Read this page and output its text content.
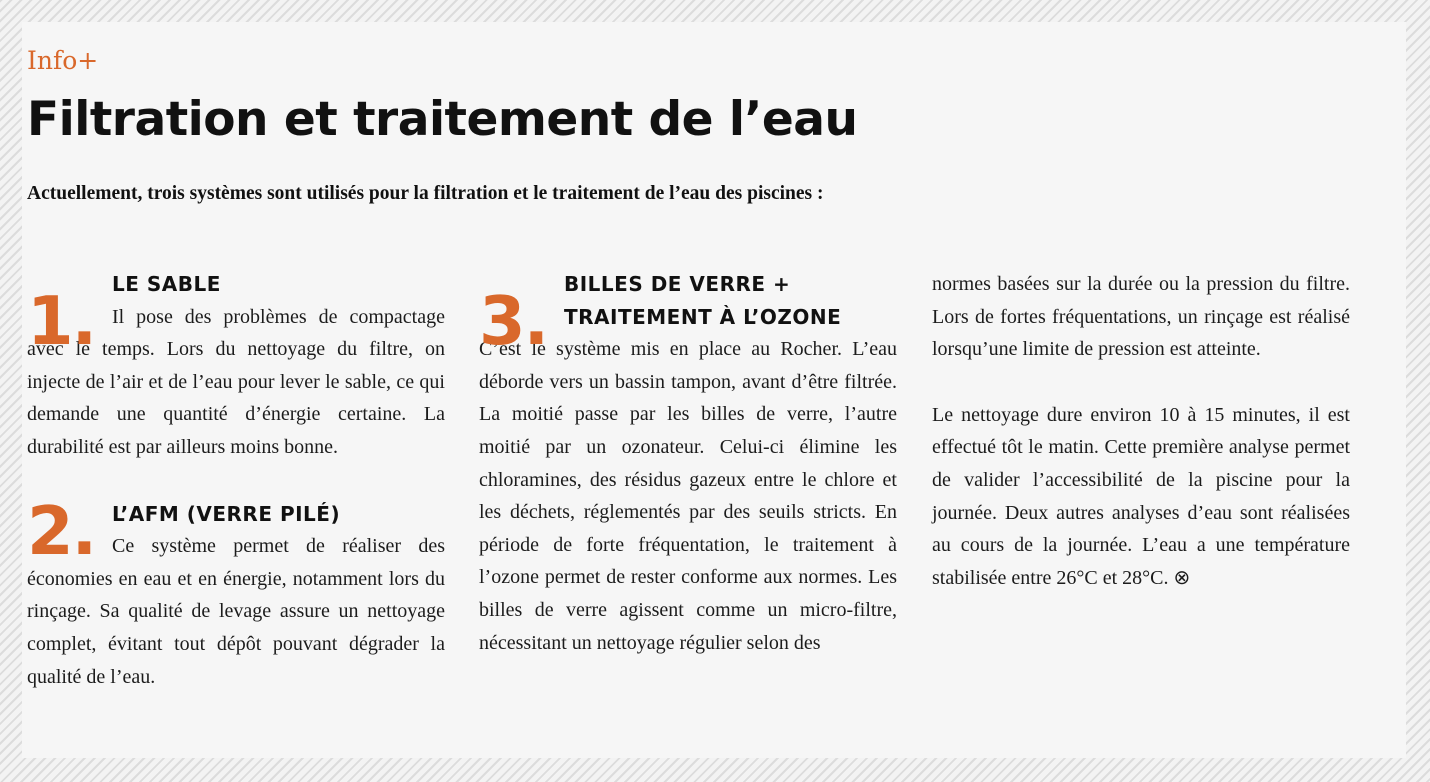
Info+
Filtration et traitement de l’eau

Actuellement, trois systèmes sont utilisés pour la filtration et le traitement de l’eau des piscines :

1. LE SABLE

Il pose des problèmes de compactage avec le temps. Lors du nettoyage du filtre, on injecte de l’air et de l’eau pour lever le sable, ce qui demande une quantité d’énergie certaine. La durabilité est par ailleurs moins bonne.

2. L’AFM (VERRE PILÉ)

Ce système permet de réaliser des économies en eau et en énergie, notamment lors du rinçage. Sa qualité de levage assure un nettoyage complet, évitant tout dépôt pouvant dégrader la qualité de l’eau.

3. BILLES DE VERRE +
TRAITEMENT À L’OZONE

C’est le système mis en place au Rocher. L’eau déborde vers un bassin tampon, avant d’être filtrée. La moitié passe par les billes de verre, l’autre moitié par un ozonateur. Celui-ci élimine les chloramines, des résidus gazeux entre le chlore et les déchets, réglementés par des seuils stricts. En période de forte fréquentation, le traitement à l’ozone permet de rester conforme aux normes. Les billes de verre agissent comme un micro-filtre, nécessitant un nettoyage régulier selon des

normes basées sur la durée ou la pression du filtre. Lors de fortes fréquentations, un rinçage est réalisé lorsqu’une limite de pression est atteinte.

Le nettoyage dure environ 10 à 15 minutes, il est effectué tôt le matin. Cette première analyse permet de valider l’accessibilité de la piscine pour la journée. Deux autres analyses d’eau sont réalisées au cours de la journée. L’eau a une température stabilisée entre 26°C et 28°C. ⊗
